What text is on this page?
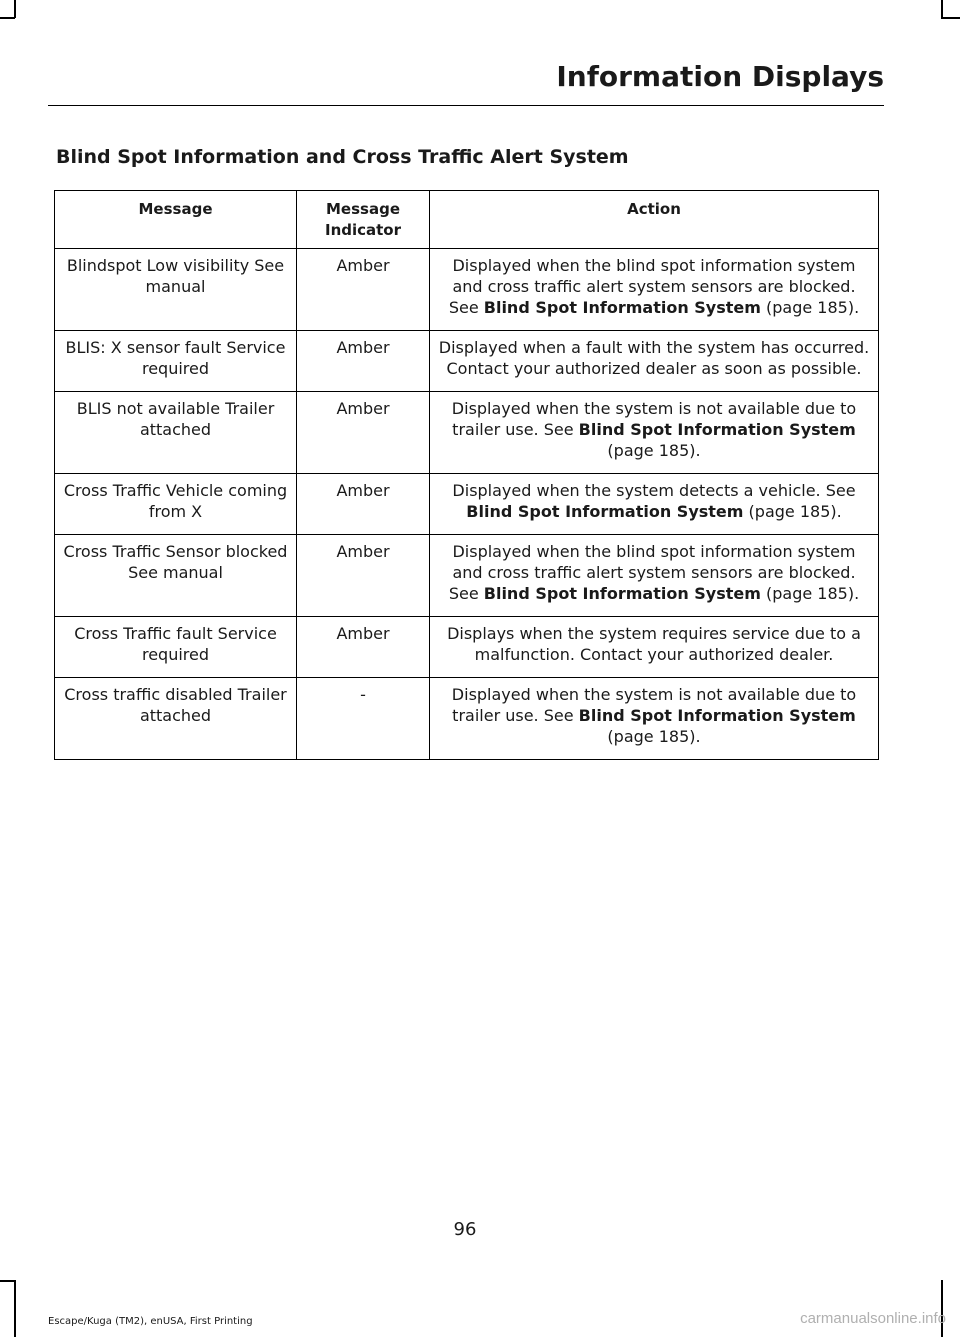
Information Displays
Blind Spot Information and Cross Traffic Alert System
Message	Message Indicator	Action
Blindspot Low visibility See manual	Amber	Displayed when the blind spot information system and cross traffic alert system sensors are blocked. See Blind Spot Information System (page 185).
BLIS: X sensor fault Service required	Amber	Displayed when a fault with the system has occurred. Contact your authorized dealer as soon as possible.
BLIS not available Trailer attached	Amber	Displayed when the system is not available due to trailer use. See Blind Spot Information System (page 185).
Cross Traffic Vehicle coming from X	Amber	Displayed when the system detects a vehicle. See Blind Spot Information System (page 185).
Cross Traffic Sensor blocked See manual	Amber	Displayed when the blind spot information system and cross traffic alert system sensors are blocked. See Blind Spot Information System (page 185).
Cross Traffic fault Service required	Amber	Displays when the system requires service due to a malfunction. Contact your authorized dealer.
Cross traffic disabled Trailer attached	-	Displayed when the system is not available due to trailer use. See Blind Spot Information System (page 185).
96
Escape/Kuga (TM2), enUSA, First Printing	carmanualsonline.info
